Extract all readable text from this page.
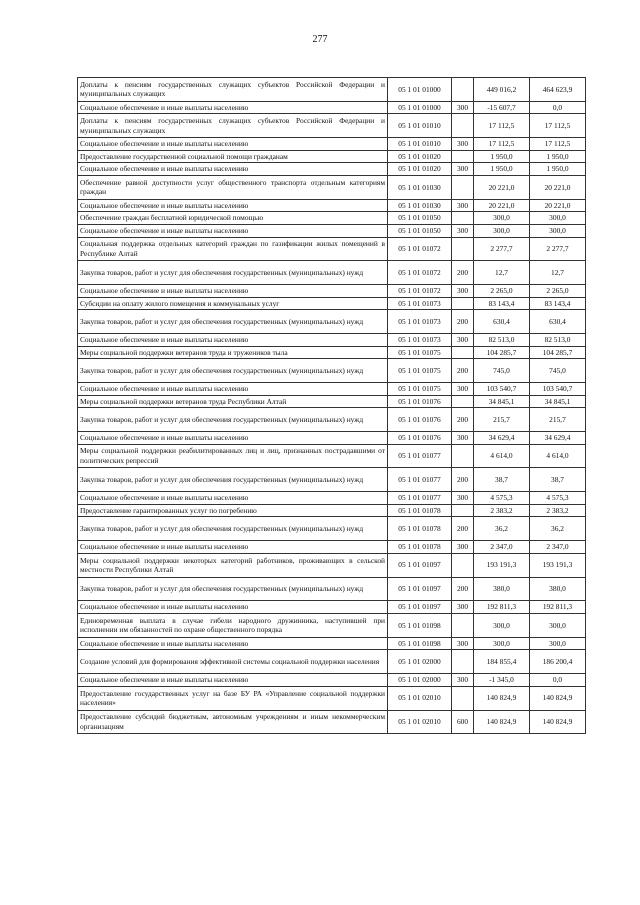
277
Доплаты к пенсиям государственных служащих субъектов Российской Федерации и муниципальных служащих	05 1 01 01000		449 016,2	464 623,9
Социальное обеспечение и иные выплаты населению	05 1 01 01000	300	-15 607,7	0,0
Доплаты к пенсиям государственных служащих субъектов Российской Федерации и муниципальных служащих	05 1 01 01010		17 112,5	17 112,5
Социальное обеспечение и иные выплаты населению	05 1 01 01010	300	17 112,5	17 112,5
Предоставление государственной социальной помощи гражданам	05 1 01 01020		1 950,0	1 950,0
Социальное обеспечение и иные выплаты населению	05 1 01 01020	300	1 950,0	1 950,0
Обеспечение равной доступности услуг общественного транспорта отдельным категориям граждан	05 1 01 01030		20 221,0	20 221,0
Социальное обеспечение и иные выплаты населению	05 1 01 01030	300	20 221,0	20 221,0
Обеспечение граждан бесплатной юридической помощью	05 1 01 01050		300,0	300,0
Социальное обеспечение и иные выплаты населению	05 1 01 01050	300	300,0	300,0
Социальная поддержка отдельных категорий граждан по газификации жилых помещений в Республике Алтай	05 1 01 01072		2 277,7	2 277,7
Закупка товаров, работ и услуг для обеспечения государственных (муниципальных) нужд	05 1 01 01072	200	12,7	12,7
Социальное обеспечение и иные выплаты населению	05 1 01 01072	300	2 265,0	2 265,0
Субсидии на оплату жилого помещения и коммунальных услуг	05 1 01 01073		83 143,4	83 143,4
Закупка товаров, работ и услуг для обеспечения государственных (муниципальных) нужд	05 1 01 01073	200	630,4	630,4
Социальное обеспечение и иные выплаты населению	05 1 01 01073	300	82 513,0	82 513,0
Меры социальной поддержки ветеранов труда и тружеников тыла	05 1 01 01075		104 285,7	104 285,7
Закупка товаров, работ и услуг для обеспечения государственных (муниципальных) нужд	05 1 01 01075	200	745,0	745,0
Социальное обеспечение и иные выплаты населению	05 1 01 01075	300	103 540,7	103 540,7
Меры социальной поддержки ветеранов труда Республики Алтай	05 1 01 01076		34 845,1	34 845,1
Закупка товаров, работ и услуг для обеспечения государственных (муниципальных) нужд	05 1 01 01076	200	215,7	215,7
Социальное обеспечение и иные выплаты населению	05 1 01 01076	300	34 629,4	34 629,4
Меры социальной поддержки реабилитированных лиц и лиц, признанных пострадавшими от политических репрессий	05 1 01 01077		4 614,0	4 614,0
Закупка товаров, работ и услуг для обеспечения государственных (муниципальных) нужд	05 1 01 01077	200	38,7	38,7
Социальное обеспечение и иные выплаты населению	05 1 01 01077	300	4 575,3	4 575,3
Предоставление гарантированных услуг по погребению	05 1 01 01078		2 383,2	2 383,2
Закупка товаров, работ и услуг для обеспечения государственных (муниципальных) нужд	05 1 01 01078	200	36,2	36,2
Социальное обеспечение и иные выплаты населению	05 1 01 01078	300	2 347,0	2 347,0
Меры социальной поддержки некоторых категорий работников, проживающих в сельской местности Республики Алтай	05 1 01 01097		193 191,3	193 191,3
Закупка товаров, работ и услуг для обеспечения государственных (муниципальных) нужд	05 1 01 01097	200	380,0	380,0
Социальное обеспечение и иные выплаты населению	05 1 01 01097	300	192 811,3	192 811,3
Единовременная выплата в случае гибели народного дружинника, наступившей при исполнении им обязанностей по охране общественного порядка	05 1 01 01098		300,0	300,0
Социальное обеспечение и иные выплаты населению	05 1 01 01098	300	300,0	300,0
Создание условий для формирования эффективной системы социальной поддержки населения	05 1 01 02000		184 855,4	186 200,4
Социальное обеспечение и иные выплаты населению	05 1 01 02000	300	-1 345,0	0,0
Предоставление государственных услуг на базе БУ РА «Управление социальной поддержки населения»	05 1 01 02010		140 824,9	140 824,9
Предоставление субсидий бюджетным, автономным учреждениям и иным некоммерческим организациям	05 1 01 02010	600	140 824,9	140 824,9
